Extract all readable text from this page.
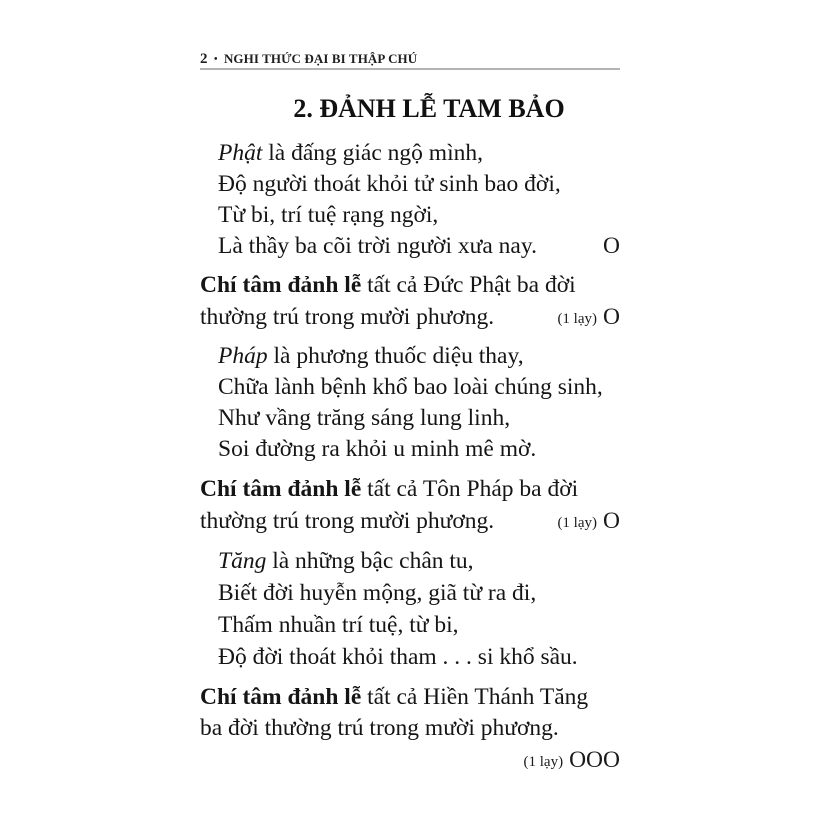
2 • NGHI THỨC ĐẠI BI THẬP CHÚ
2. ĐẢNH LỄ TAM BẢO
Phật là đấng giác ngộ mình,
Độ người thoát khỏi tử sinh bao đời,
Từ bi, trí tuệ rạng ngời,
Là thầy ba cõi trời người xưa nay.	O
Chí tâm đảnh lễ tất cả Đức Phật ba đời
thường trú trong mười phương.	(1 lạy) O
Pháp là phương thuốc diệu thay,
Chữa lành bệnh khổ bao loài chúng sinh,
Như vầng trăng sáng lung linh,
Soi đường ra khỏi u minh mê mờ.
Chí tâm đảnh lễ tất cả Tôn Pháp ba đời
thường trú trong mười phương.	(1 lạy) O
Tăng là những bậc chân tu,
Biết đời huyễn mộng, giã từ ra đi,
Thấm nhuần trí tuệ, từ bi,
Độ đời thoát khỏi tham . . . si khổ sầu.
Chí tâm đảnh lễ tất cả Hiền Thánh Tăng
ba đời thường trú trong mười phương.
(1 lạy) OOO
